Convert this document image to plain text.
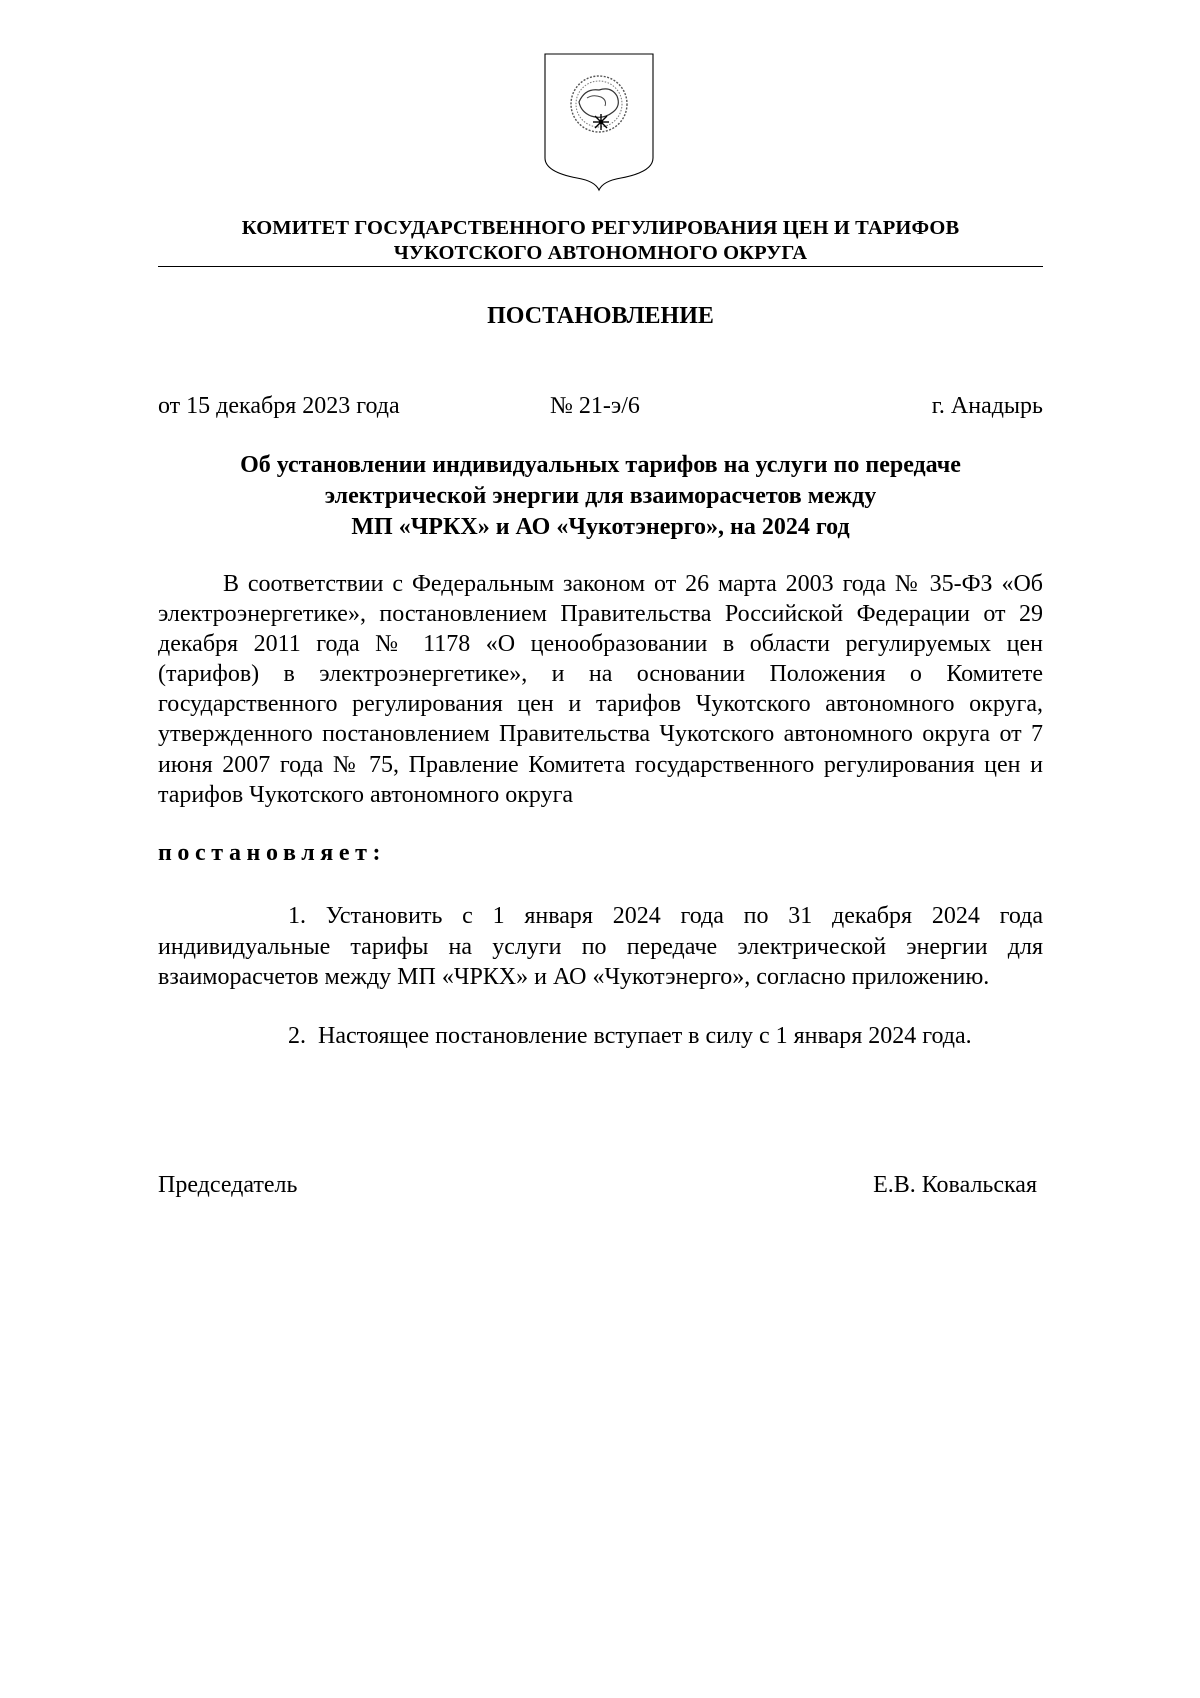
КОМИТЕТ ГОСУДАРСТВЕННОГО РЕГУЛИРОВАНИЯ ЦЕН И ТАРИФОВ
ЧУКОТСКОГО АВТОНОМНОГО ОКРУГА
ПОСТАНОВЛЕНИЕ
от 15 декабря 2023 года	№ 21-э/6	г. Анадырь
Об установлении индивидуальных тарифов на услуги по передаче
электрической энергии для взаиморасчетов между
МП «ЧРКХ» и АО «Чукотэнерго», на 2024 год
В соответствии с Федеральным законом от 26 марта 2003 года № 35-ФЗ «Об электроэнергетике», постановлением Правительства Российской Федерации от 29 декабря 2011 года № 1178 «О ценообразовании в области регулируемых цен (тарифов) в электроэнергетике», и на основании Положения о Комитете государственного регулирования цен и тарифов Чукотского автономного округа, утвержденного постановлением Правительства Чукотского автономного округа от 7 июня 2007 года № 75, Правление Комитета государственного регулирования цен и тарифов Чукотского автономного округа
постановляет:
1. Установить с 1 января 2024 года по 31 декабря 2024 года индивидуальные тарифы на услуги по передаче электрической энергии для взаиморасчетов между МП «ЧРКХ» и АО «Чукотэнерго», согласно приложению.
2. Настоящее постановление вступает в силу с 1 января 2024 года.
Председатель	Е.В. Ковальская
